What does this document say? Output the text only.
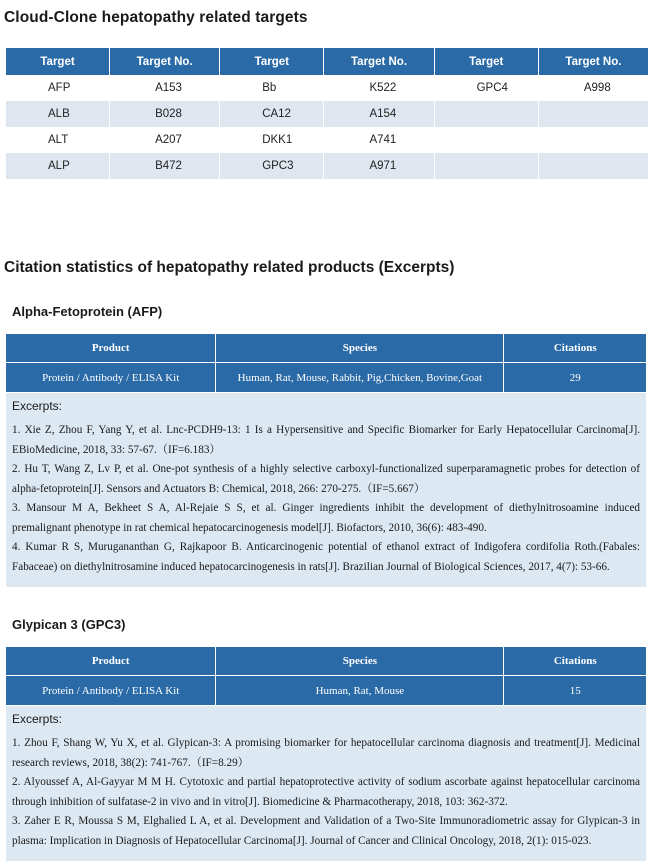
Cloud-Clone hepatopathy related targets
Target	Target No.	Target	Target No.	Target	Target No.
AFP	A153	Bb	K522	GPC4	A998
ALB	B028	CA12	A154		
ALT	A207	DKK1	A741		
ALP	B472	GPC3	A971		
Citation statistics of hepatopathy related products (Excerpts)
Alpha-Fetoprotein (AFP)
Product	Species	Citations
Protein / Antibody / ELISA Kit	Human, Rat, Mouse, Rabbit, Pig,Chicken, Bovine,Goat	29
Excerpts:
1. Xie Z, Zhou F, Yang Y, et al. Lnc-PCDH9-13: 1 Is a Hypersensitive and Specific Biomarker for Early Hepatocellular Carcinoma[J]. EBioMedicine, 2018, 33: 57-67.（IF=6.183）
2. Hu T, Wang Z, Lv P, et al. One-pot synthesis of a highly selective carboxyl-functionalized superparamagnetic probes for detection of alpha-fetoprotein[J]. Sensors and Actuators B: Chemical, 2018, 266: 270-275.（IF=5.667）
3. Mansour M A, Bekheet S A, Al‐Rejaie S S, et al. Ginger ingredients inhibit the development of diethylnitrosoamine induced premalignant phenotype in rat chemical hepatocarcinogenesis model[J]. Biofactors, 2010, 36(6): 483-490.
4. Kumar R S, Murugananthan G, Rajkapoor B. Anticarcinogenic potential of ethanol extract of Indigofera cordifolia Roth.(Fabales: Fabaceae) on diethylnitrosamine induced hepatocarcinogenesis in rats[J]. Brazilian Journal of Biological Sciences, 2017, 4(7): 53-66.
Glypican 3 (GPC3)
Product	Species	Citations
Protein / Antibody / ELISA Kit	Human, Rat, Mouse	15
Excerpts:
1. Zhou F, Shang W, Yu X, et al. Glypican‐3: A promising biomarker for hepatocellular carcinoma diagnosis and treatment[J]. Medicinal research reviews, 2018, 38(2): 741-767.（IF=8.29）
2. Alyoussef A, Al-Gayyar M M H. Cytotoxic and partial hepatoprotective activity of sodium ascorbate against hepatocellular carcinoma through inhibition of sulfatase-2 in vivo and in vitro[J]. Biomedicine & Pharmacotherapy, 2018, 103: 362-372.
3. Zaher E R, Moussa S M, Elghalied L A, et al. Development and Validation of a Two-Site Immunoradiometric assay for Glypican-3 in plasma: Implication in Diagnosis of Hepatocellular Carcinoma[J]. Journal of Cancer and Clinical Oncology, 2018, 2(1): 015-023.
